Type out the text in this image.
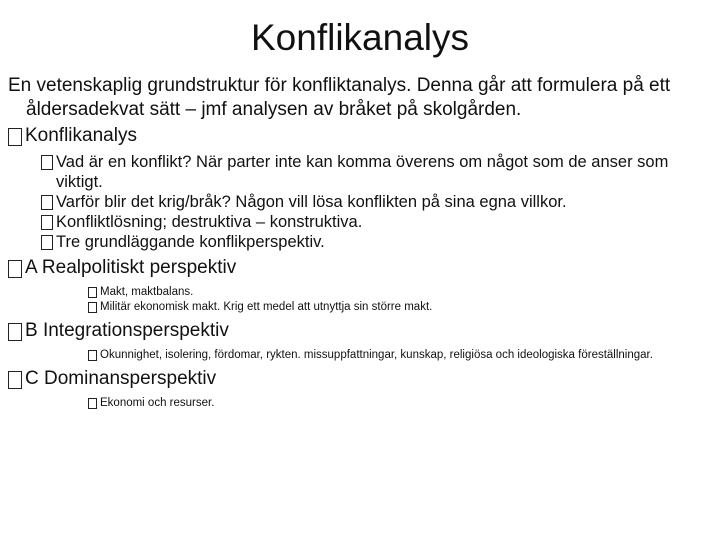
Konflikanalys

En vetenskaplig grundstruktur för konfliktanalys. Denna går att formulera på ett åldersadekvat sätt – jmf analysen av bråket på skolgården.

Konflikanalys
Vad är en konflikt? När parter inte kan komma överens om något som de anser som viktigt.
Varför blir det krig/bråk? Någon vill lösa konflikten på sina egna villkor.
Konfliktlösning; destruktiva – konstruktiva.
Tre grundläggande konflikperspektiv.
A Realpolitiskt perspektiv
Makt, maktbalans.
Militär ekonomisk makt. Krig ett medel att utnyttja sin större makt.
B Integrationsperspektiv
Okunnighet, isolering, fördomar, rykten. missuppfattningar, kunskap, religiösa och ideologiska föreställningar.
C Dominansperspektiv
Ekonomi och resurser.
